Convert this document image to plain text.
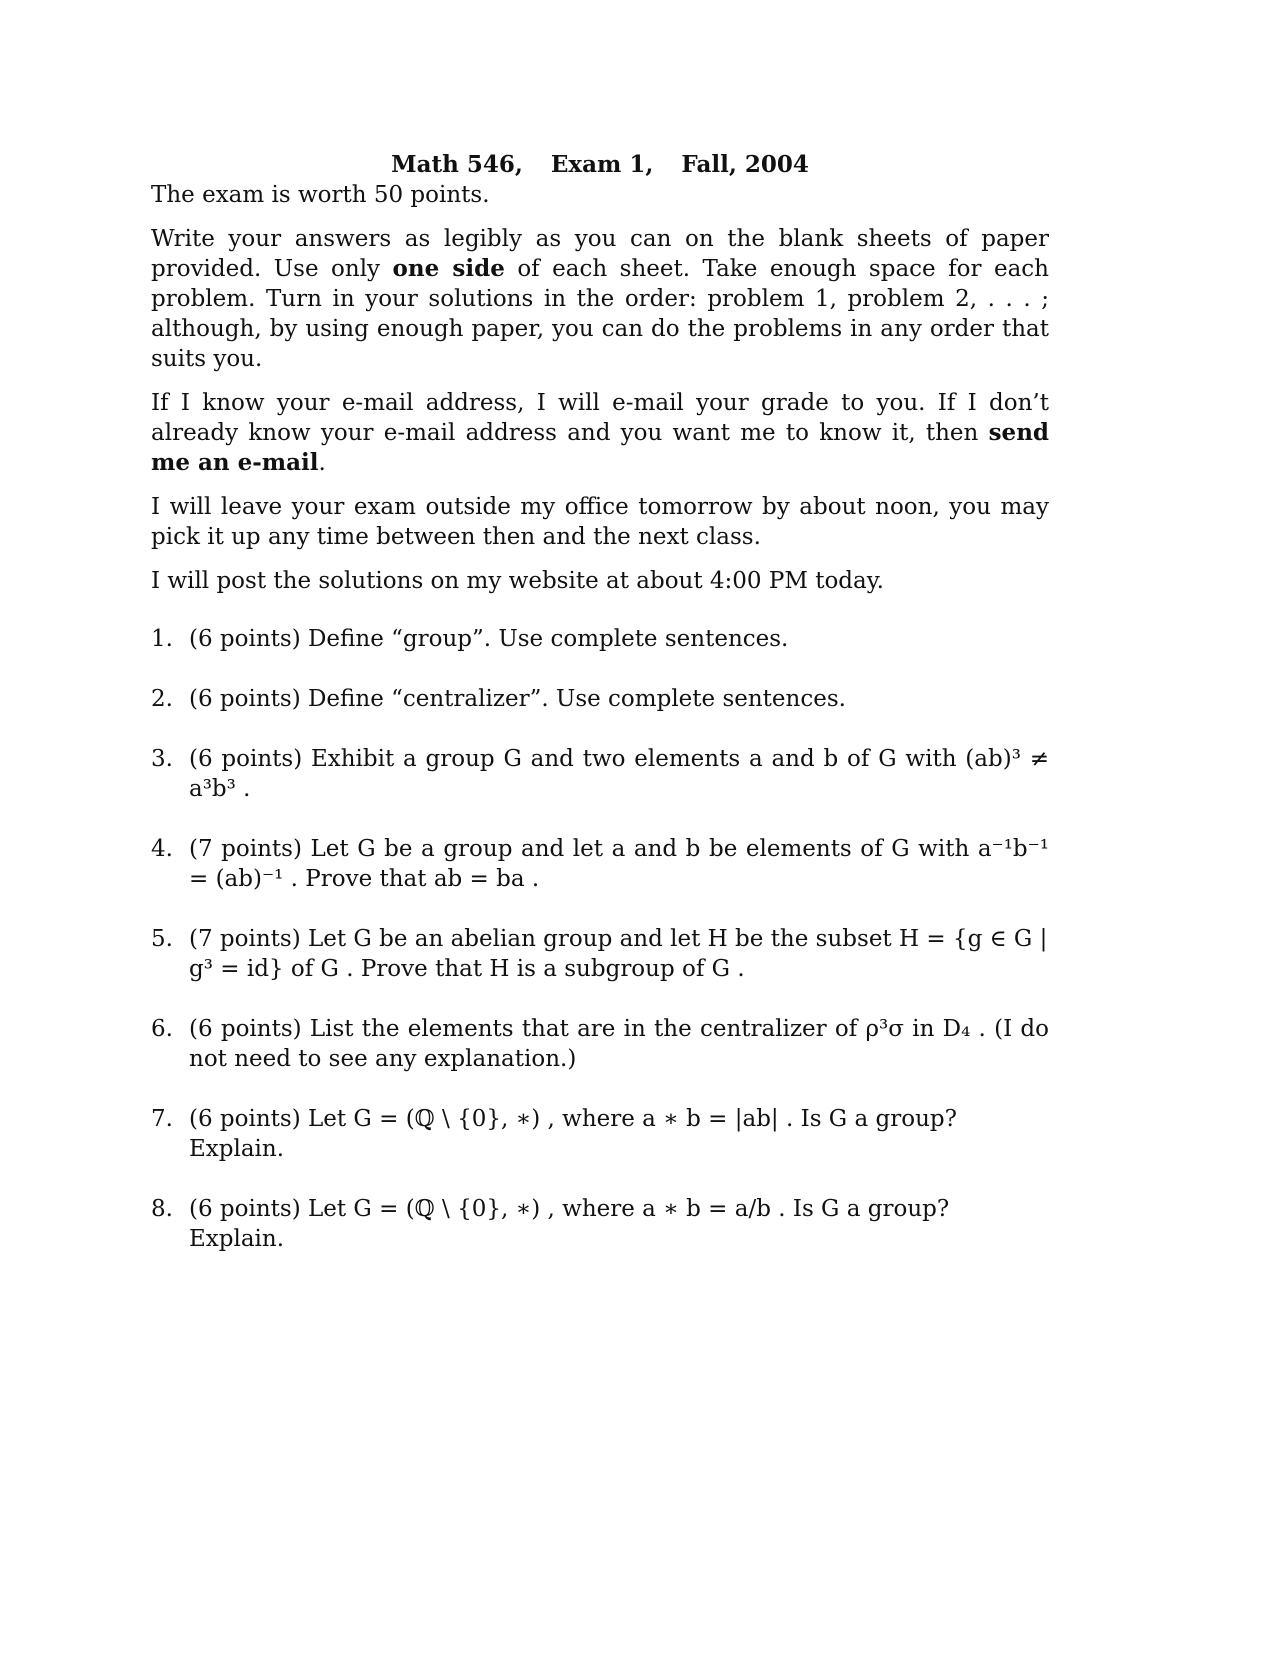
Math 546, Exam 1, Fall, 2004

The exam is worth 50 points.

Write your answers as legibly as you can on the blank sheets of paper provided. Use only one side of each sheet. Take enough space for each problem. Turn in your solutions in the order: problem 1, problem 2, . . . ; although, by using enough paper, you can do the problems in any order that suits you.

If I know your e-mail address, I will e-mail your grade to you. If I don’t already know your e-mail address and you want me to know it, then send me an e-mail.

I will leave your exam outside my office tomorrow by about noon, you may pick it up any time between then and the next class.

I will post the solutions on my website at about 4:00 PM today.

1. (6 points) Define “group”. Use complete sentences.
2. (6 points) Define “centralizer”. Use complete sentences.
3. (6 points) Exhibit a group G and two elements a and b of G with (ab)³ ≠ a³b³ .
4. (7 points) Let G be a group and let a and b be elements of G with a⁻¹b⁻¹ = (ab)⁻¹ . Prove that ab = ba .
5. (7 points) Let G be an abelian group and let H be the subset H = {g ∈ G | g³ = id} of G . Prove that H is a subgroup of G .
6. (6 points) List the elements that are in the centralizer of ρ³σ in D₄ . (I do not need to see any explanation.)
7. (6 points) Let G = (ℚ \ {0}, ∗) , where a ∗ b = |ab| . Is G a group? Explain.
8. (6 points) Let G = (ℚ \ {0}, ∗) , where a ∗ b = a/b . Is G a group? Explain.
